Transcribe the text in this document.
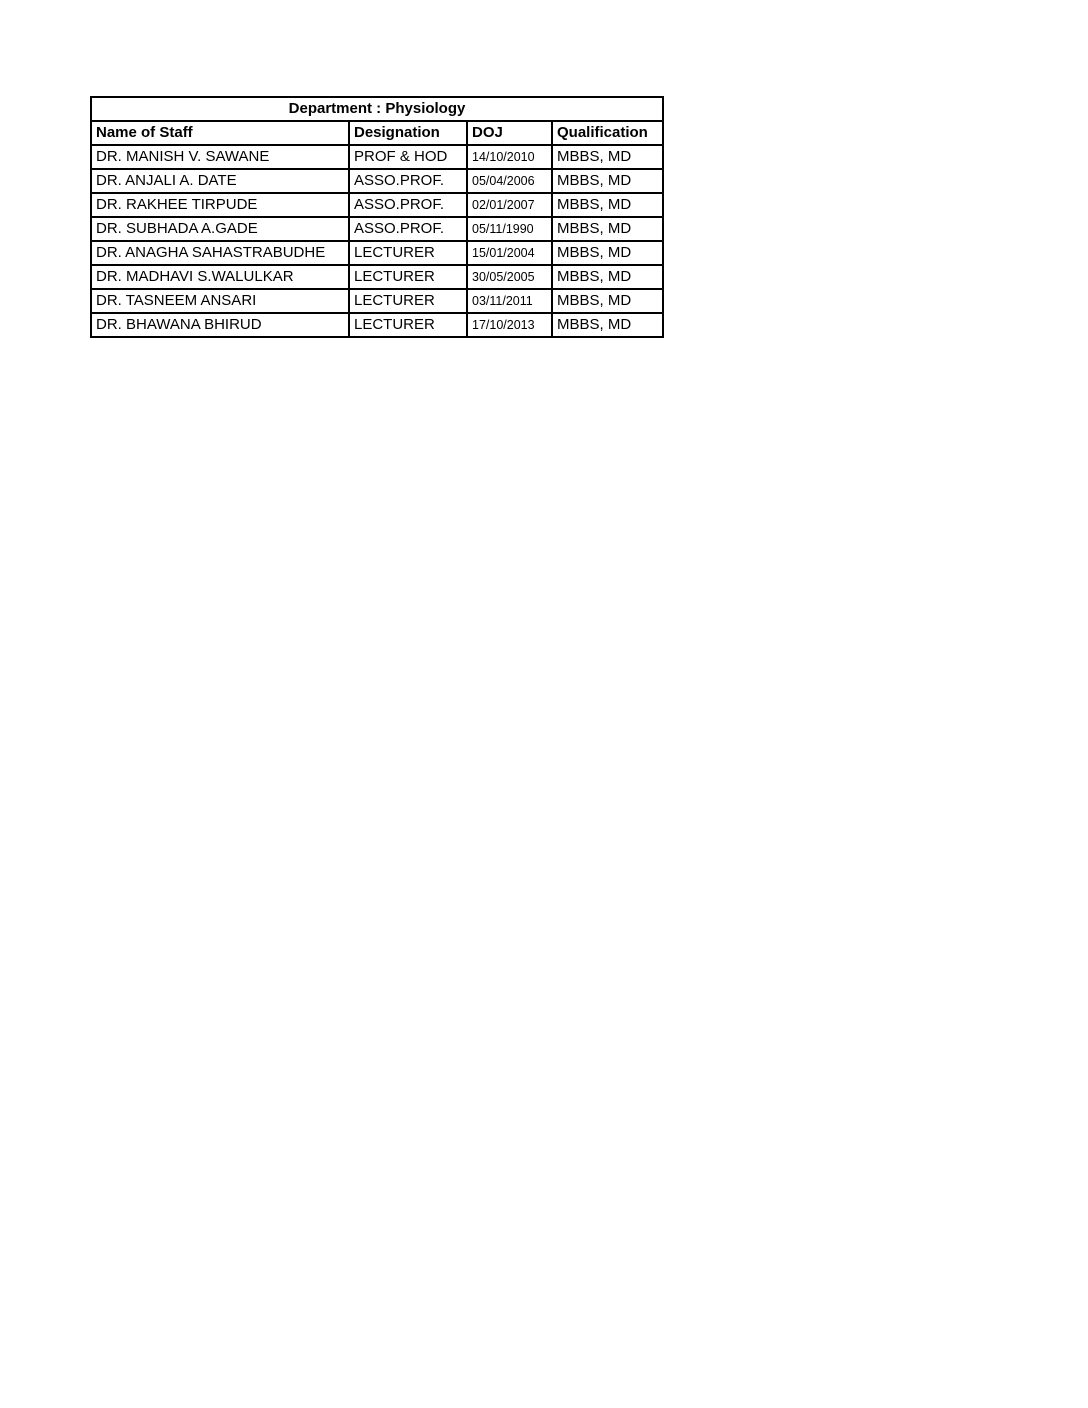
Department : Physiology			
Name of Staff	Designation	DOJ	Qualification
DR. MANISH V. SAWANE	PROF & HOD	14/10/2010	MBBS, MD
DR. ANJALI A. DATE	ASSO.PROF.	05/04/2006	MBBS, MD
DR. RAKHEE TIRPUDE	ASSO.PROF.	02/01/2007	MBBS, MD
DR. SUBHADA A.GADE	ASSO.PROF.	05/11/1990	MBBS, MD
DR. ANAGHA SAHASTRABUDHE	LECTURER	15/01/2004	MBBS, MD
DR. MADHAVI S.WALULKAR	LECTURER	30/05/2005	MBBS, MD
DR. TASNEEM ANSARI	LECTURER	03/11/2011	MBBS, MD
DR. BHAWANA BHIRUD	LECTURER	17/10/2013	MBBS, MD
